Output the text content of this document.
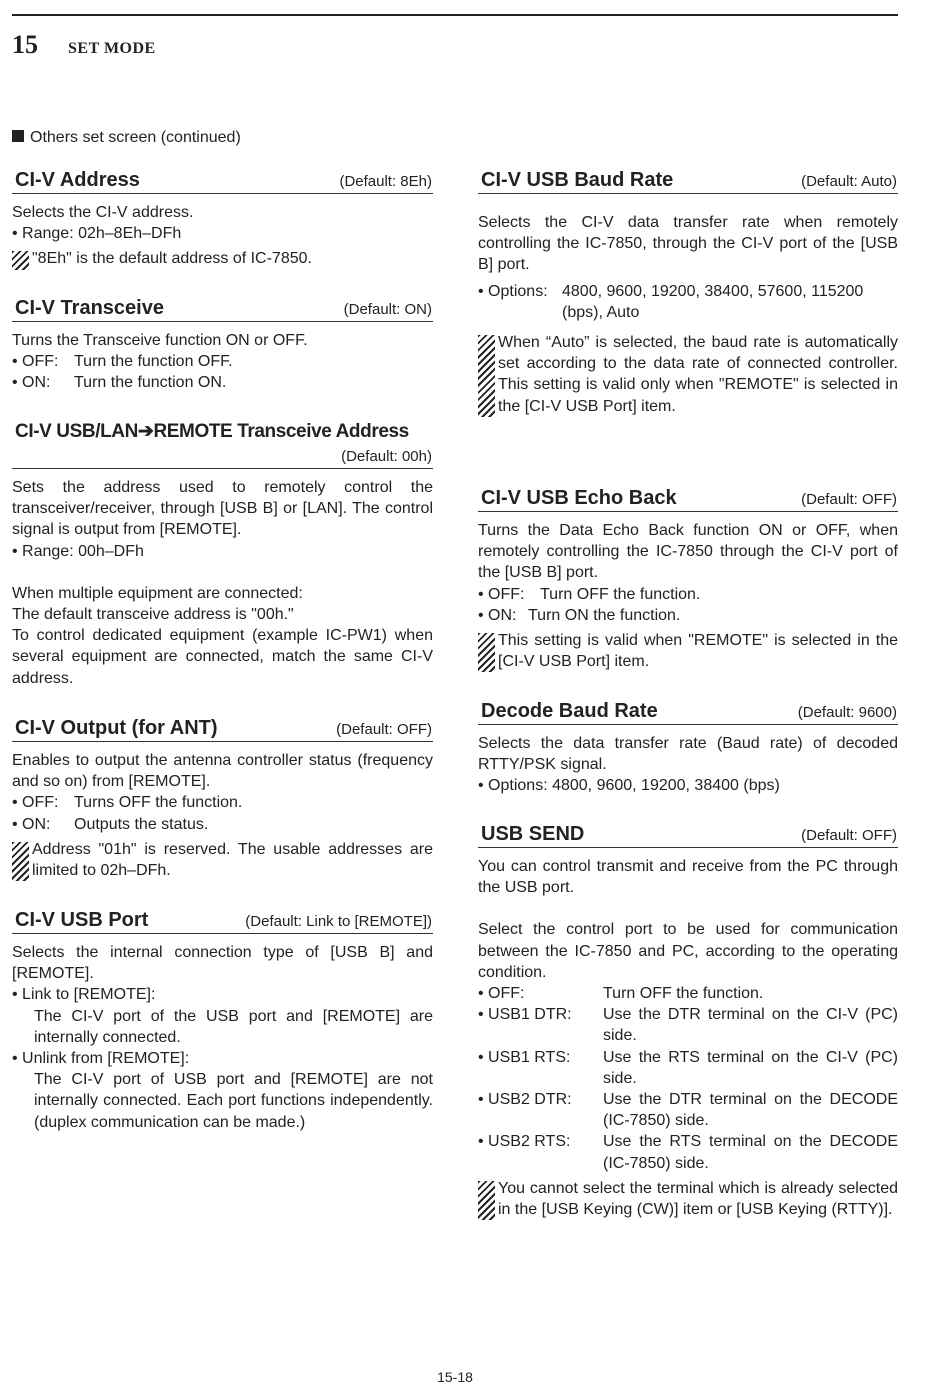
15 SET MODE
Others set screen (continued)
CI-V Address	(Default: 8Eh)

Selects the CI-V address.

• Range: 02h–8Eh–DFh

"8Eh" is the default address of IC-7850.

CI-V Transceive	(Default: ON)

Turns the Transceive function ON or OFF.

• OFF: Turn the function OFF.
• ON:	Turn the function ON.
CI-V USB/LAN➔REMOTE Transceive Address
(Default: 00h)

Sets the address used to remotely control the transceiver/receiver, through [USB B] or [LAN]. The control signal is output from [REMOTE].

• Range: 00h–DFh

When multiple equipment are connected:

The default transceive address is "00h."

To control dedicated equipment (example IC-PW1) when several equipment are connected, match the same CI-V address.

CI-V Output (for ANT)	(Default: OFF)

Enables to output the antenna controller status (frequency and so on) from [REMOTE].

• OFF: Turns OFF the function.
• ON:	Outputs the status.

Address "01h" is reserved. The usable addresses are limited to 02h–DFh.

CI-V USB Port	(Default: Link to [REMOTE])

Selects the internal connection type of [USB B] and [REMOTE].

• Link to [REMOTE]:

The CI-V port of the USB port and [REMOTE] are internally connected.

• Unlink from [REMOTE]:

The CI-V port of USB port and [REMOTE] are not internally connected. Each port functions independently. (duplex communication can be made.)

CI-V USB Baud Rate	(Default: Auto)

Selects the CI-V data transfer rate when remotely controlling the IC-7850, through the CI-V port of the [USB B] port.

• Options: 4800, 9600, 19200, 38400, 57600, 115200 (bps), Auto

When “Auto” is selected, the baud rate is automatically set according to the data rate of connected controller. This setting is valid only when "REMOTE" is selected in the [CI-V USB Port] item.

CI-V USB Echo Back	(Default: OFF)

Turns the Data Echo Back function ON or OFF, when remotely controlling the IC-7850 through the CI-V port of the [USB B] port.

• OFF: Turn OFF the function.
• ON: Turn ON the function.

This setting is valid when "REMOTE" is selected in the [CI-V USB Port] item.

Decode Baud Rate	(Default: 9600)

Selects the data transfer rate (Baud rate) of decoded RTTY/PSK signal.

• Options: 4800, 9600, 19200, 38400 (bps)

USB SEND	(Default: OFF)

You can control transmit and receive from the PC through the USB port.

Select the control port to be used for communication between the IC-7850 and PC, according to the operating condition.

• OFF:	Turn OFF the function.
• USB1 DTR:	Use the DTR terminal on the CI-V (PC) side.
• USB1 RTS:	Use the RTS terminal on the CI-V (PC) side.
• USB2 DTR:	Use the DTR terminal on the DECODE (IC-7850) side.
• USB2 RTS:	Use the RTS terminal on the DECODE (IC-7850) side.

You cannot select the terminal which is already selected in the [USB Keying (CW)] item or [USB Keying (RTTY)].

15-18
